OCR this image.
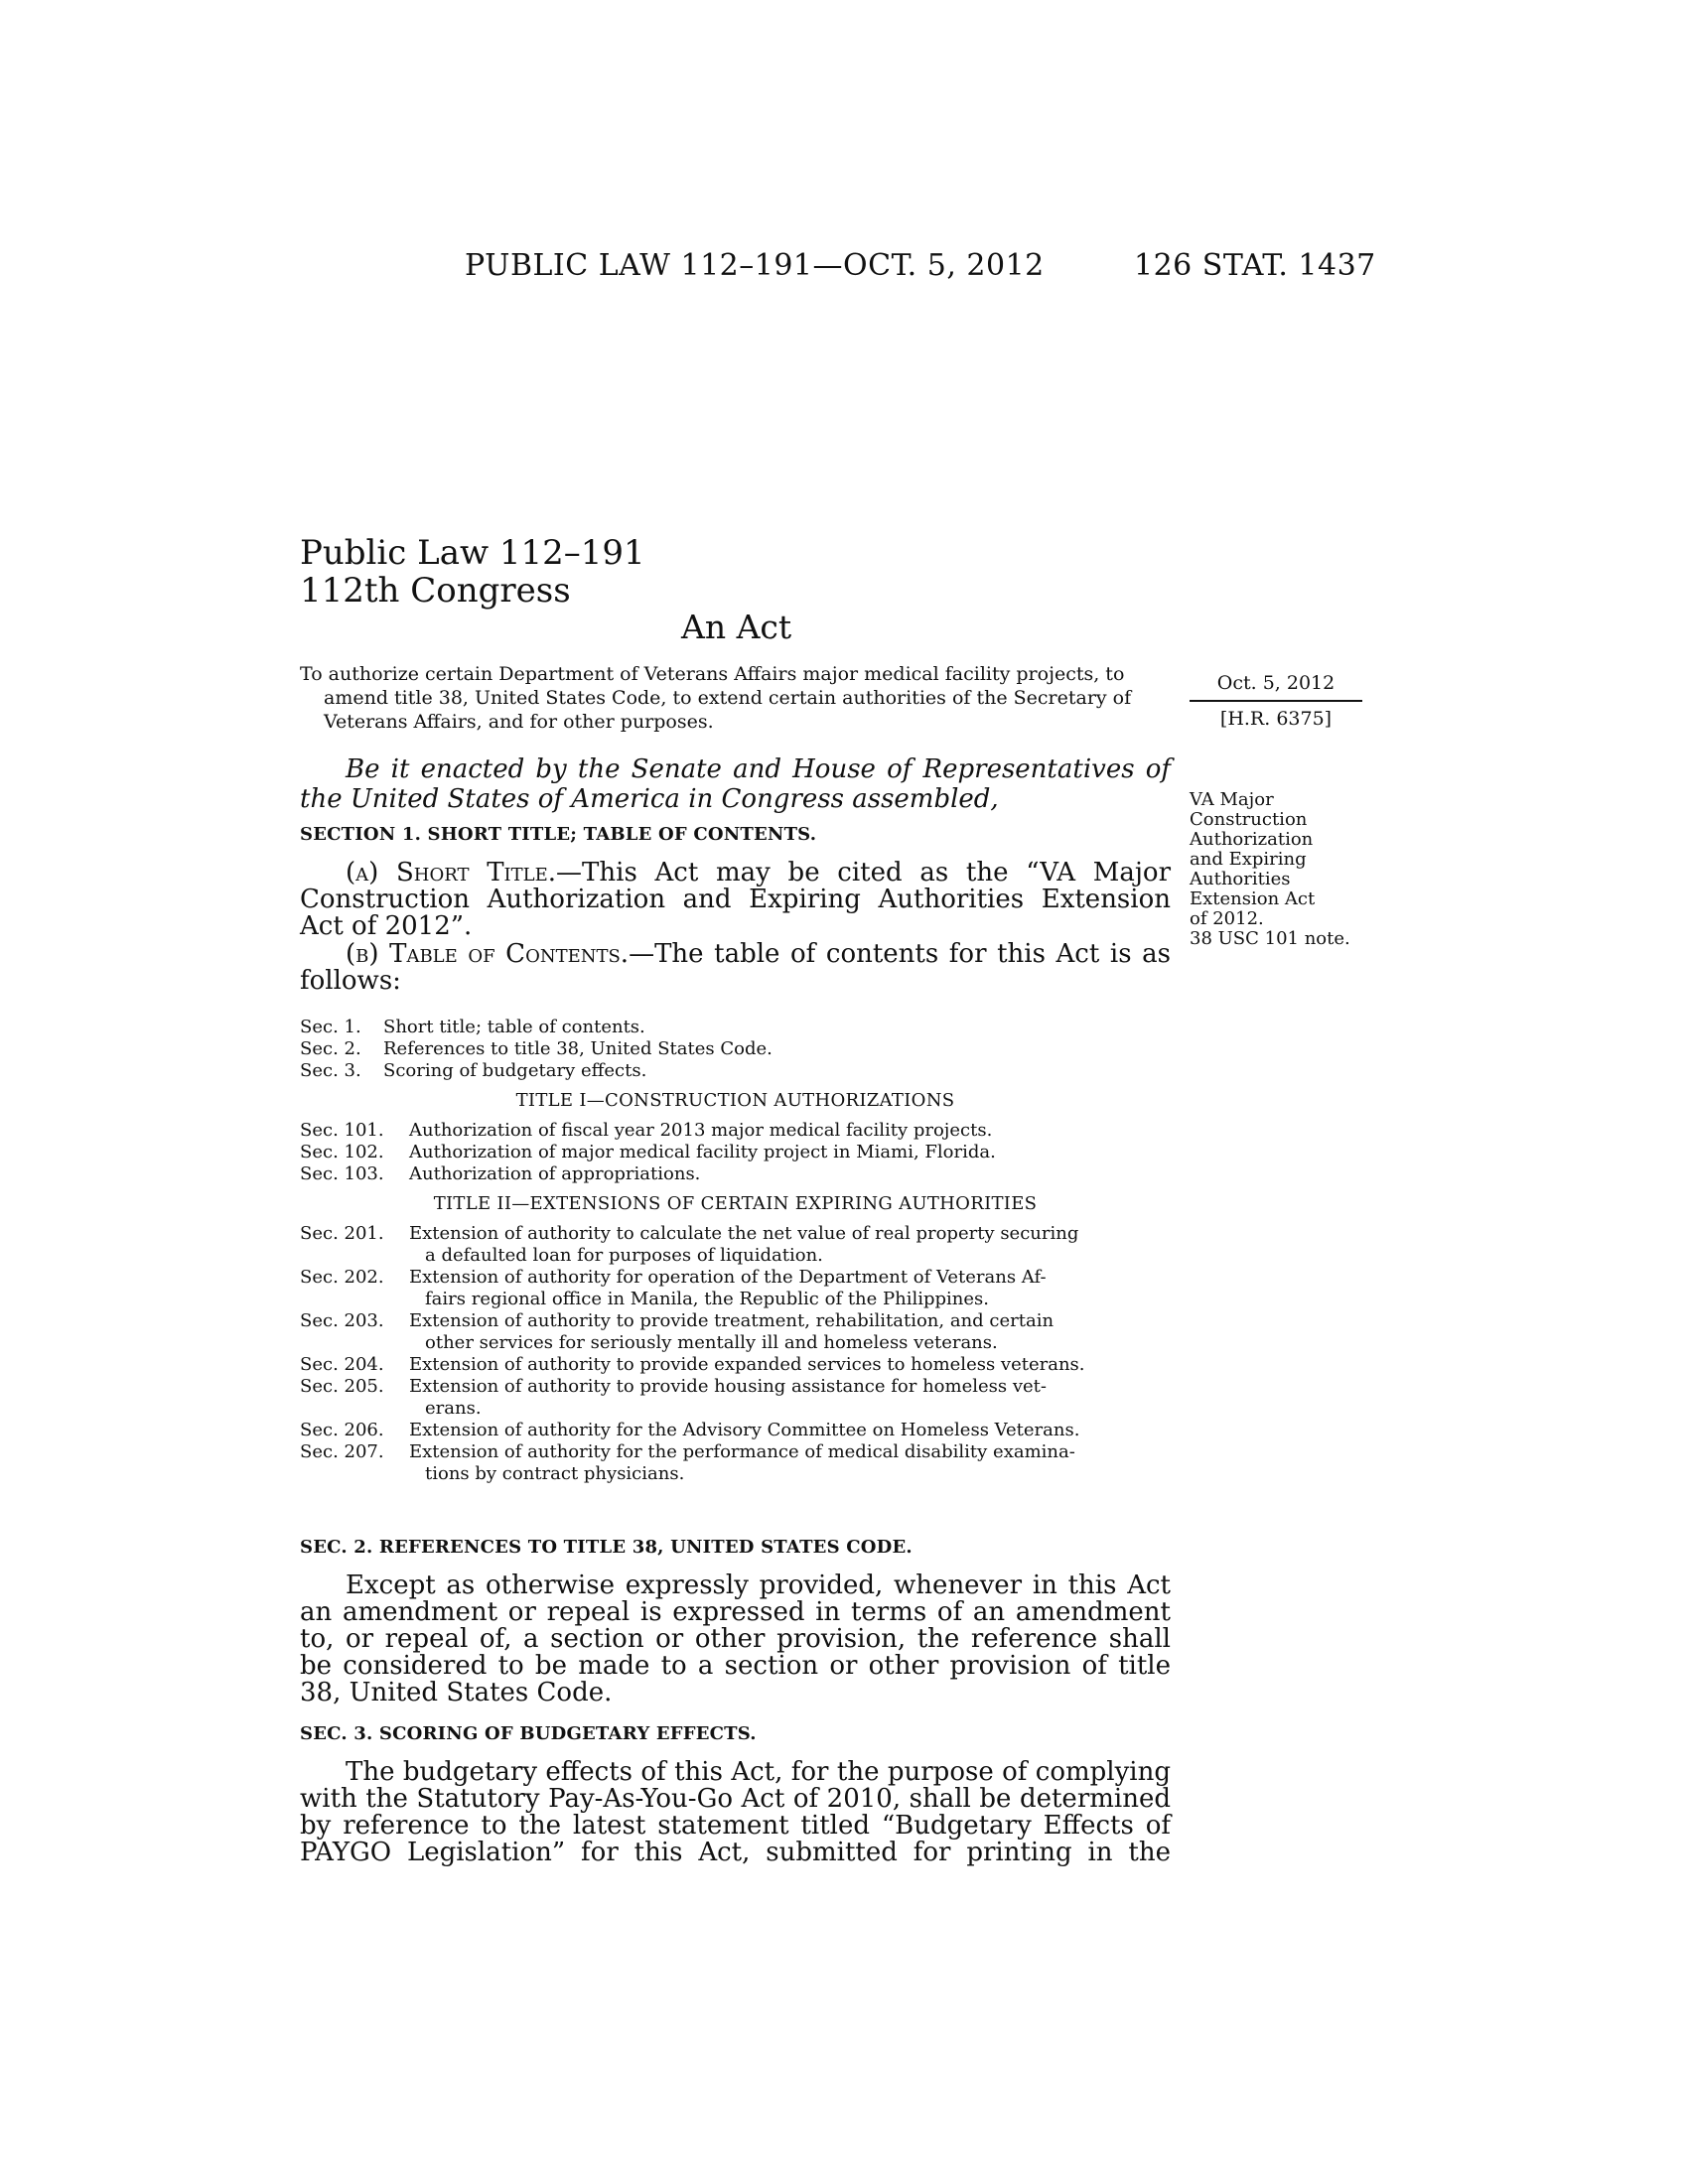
PUBLIC LAW 112–191—OCT. 5, 2012	126 STAT. 1437
Public Law 112–191
112th Congress
An Act
To authorize certain Department of Veterans Affairs major medical facility projects, to amend title 38, United States Code, to extend certain authorities of the Secretary of Veterans Affairs, and for other purposes.
Oct. 5, 2012
[H.R. 6375]
Be it enacted by the Senate and House of Representatives of the United States of America in Congress assembled,	VA Major
Construction
Authorization
and Expiring
Authorities
Extension Act
of 2012.
38 USC 101 note.
SECTION 1. SHORT TITLE; TABLE OF CONTENTS.
(a) Short Title.—This Act may be cited as the “VA Major Construction Authorization and Expiring Authorities Extension Act of 2012”.
(b) Table of Contents.—The table of contents for this Act is as follows:
Sec. 1.	Short title; table of contents.
Sec. 2.	References to title 38, United States Code.
Sec. 3.	Scoring of budgetary effects.
TITLE I—CONSTRUCTION AUTHORIZATIONS
Sec. 101.	Authorization of fiscal year 2013 major medical facility projects.
Sec. 102.	Authorization of major medical facility project in Miami, Florida.
Sec. 103.	Authorization of appropriations.
TITLE II—EXTENSIONS OF CERTAIN EXPIRING AUTHORITIES
Sec. 201.	Extension of authority to calculate the net value of real property securing
a defaulted loan for purposes of liquidation.
Sec. 202.	Extension of authority for operation of the Department of Veterans Af-
fairs regional office in Manila, the Republic of the Philippines.
Sec. 203.	Extension of authority to provide treatment, rehabilitation, and certain
other services for seriously mentally ill and homeless veterans.
Sec. 204.	Extension of authority to provide expanded services to homeless veterans.
Sec. 205.	Extension of authority to provide housing assistance for homeless vet-
erans.
Sec. 206.	Extension of authority for the Advisory Committee on Homeless Veterans.
Sec. 207.	Extension of authority for the performance of medical disability examina-
tions by contract physicians.
SEC. 2. REFERENCES TO TITLE 38, UNITED STATES CODE.
Except as otherwise expressly provided, whenever in this Act an amendment or repeal is expressed in terms of an amendment to, or repeal of, a section or other provision, the reference shall be considered to be made to a section or other provision of title 38, United States Code.
SEC. 3. SCORING OF BUDGETARY EFFECTS.
The budgetary effects of this Act, for the purpose of complying with the Statutory Pay-As-You-Go Act of 2010, shall be determined by reference to the latest statement titled “Budgetary Effects of PAYGO Legislation” for this Act, submitted for printing in the
